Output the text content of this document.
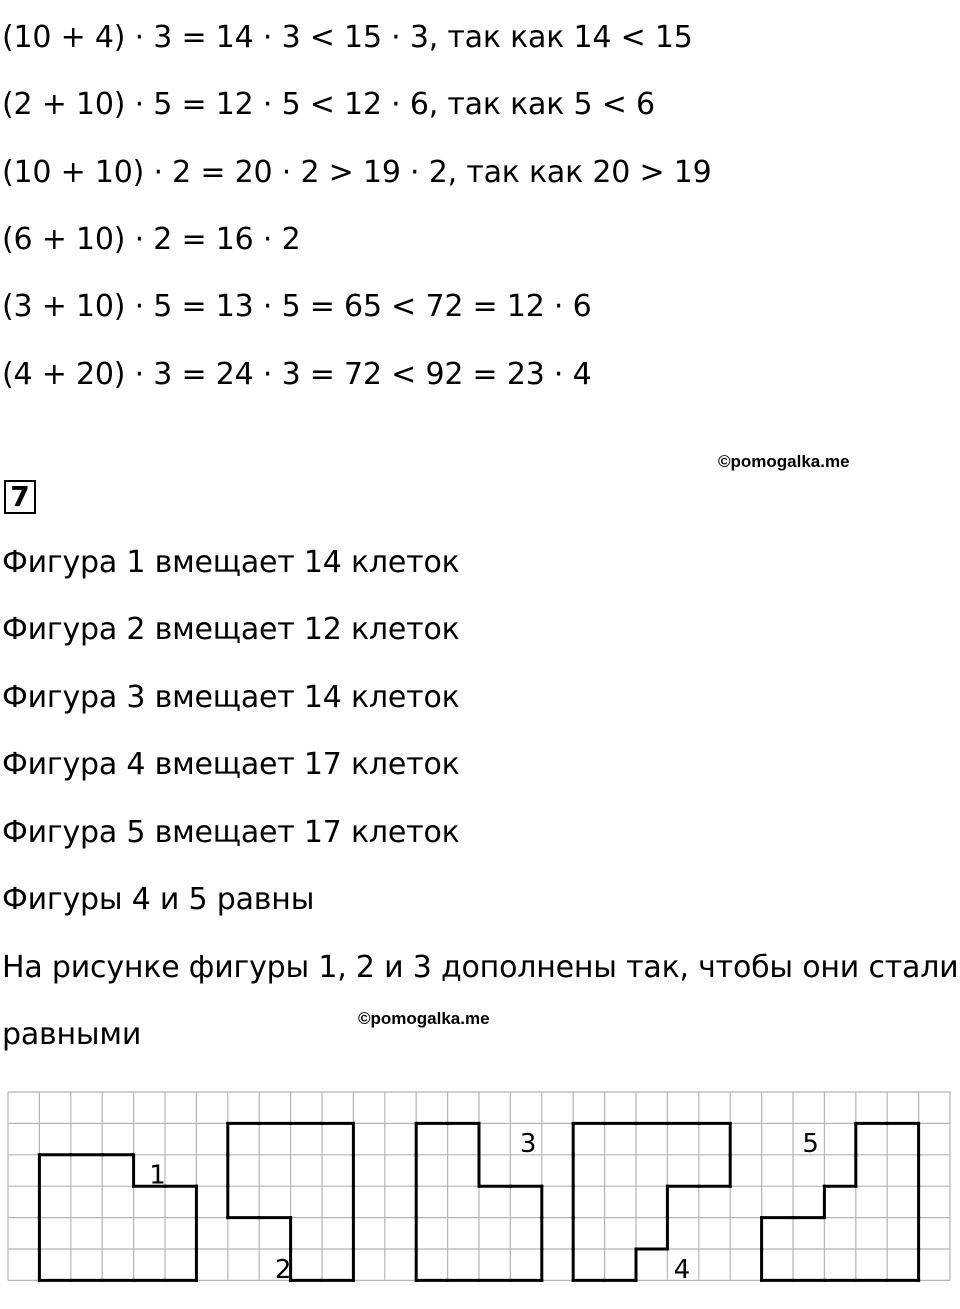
(10 + 4) · 3 = 14 · 3 < 15 · 3, так как 14 < 15
(2 + 10) · 5 = 12 · 5 < 12 · 6, так как 5 < 6
(10 + 10) · 2 = 20 · 2 > 19 · 2, так как 20 > 19
(6 + 10) · 2 = 16 · 2
(3 + 10) · 5 = 13 · 5 = 65 < 72 = 12 · 6
(4 + 20) · 3 = 24 · 3 = 72 < 92 = 23 · 4
©pomogalka.me
7
Фигура 1 вмещает 14 клеток
Фигура 2 вмещает 12 клеток
Фигура 3 вмещает 14 клеток
Фигура 4 вмещает 17 клеток
Фигура 5 вмещает 17 клеток
Фигуры 4 и 5 равны
На рисунке фигуры 1, 2 и 3 дополнены так, чтобы они стали
равными	©pomogalka.me
1
2
3
4
5
